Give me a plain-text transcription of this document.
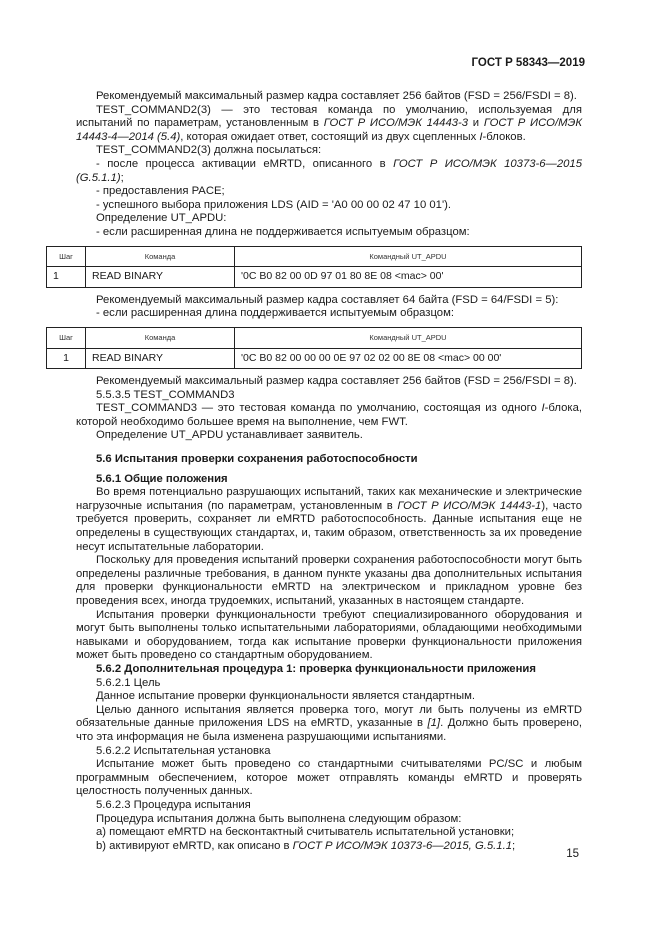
ГОСТ Р 58343—2019

Рекомендуемый максимальный размер кадра составляет 256 байтов (FSD = 256/FSDI = 8).

TEST_COMMAND2(3) — это тестовая команда по умолчанию, используемая для испытаний по параметрам, установленным в ГОСТ Р ИСО/МЭК 14443-3 и ГОСТ Р ИСО/МЭК 14443-4—2014 (5.4), которая ожидает ответ, состоящий из двух сцепленных I-блоков.

TEST_COMMAND2(3) должна посылаться:

- после процесса активации eMRTD, описанного в ГОСТ Р ИСО/МЭК 10373-6—2015 (G.5.1.1);

- предоставления PACE;

- успешного выбора приложения LDS (AID = 'A0 00 00 02 47 10 01').

Определение UT_APDU:

- если расширенная длина не поддерживается испытуемым образцом:

Шаг	Команда	Командный UT_APDU
1	READ BINARY	'0C B0 82 00 0D 97 01 80 8E 08 <mac> 00'

Рекомендуемый максимальный размер кадра составляет 64 байта (FSD = 64/FSDI = 5):

- если расширенная длина поддерживается испытуемым образцом:

Шаг	Команда	Командный UT_APDU
1	READ BINARY	'0C B0 82 00 00 00 0E 97 02 02 00 8E 08 <mac> 00 00'

Рекомендуемый максимальный размер кадра составляет 256 байтов (FSD = 256/FSDI = 8).

5.5.3.5 TEST_COMMAND3

TEST_COMMAND3 — это тестовая команда по умолчанию, состоящая из одного I-блока, которой необходимо большее время на выполнение, чем FWT.

Определение UT_APDU устанавливает заявитель.

5.6 Испытания проверки сохранения работоспособности

5.6.1 Общие положения

Во время потенциально разрушающих испытаний, таких как механические и электрические нагрузочные испытания (по параметрам, установленным в ГОСТ Р ИСО/МЭК 14443-1), часто требуется проверить, сохраняет ли eMRTD работоспособность. Данные испытания еще не определены в существующих стандартах, и, таким образом, ответственность за их проведение несут испытательные лаборатории.

Поскольку для проведения испытаний проверки сохранения работоспособности могут быть определены различные требования, в данном пункте указаны два дополнительных испытания для проверки функциональности eMRTD на электрическом и прикладном уровне без проведения всех, иногда трудоемких, испытаний, указанных в настоящем стандарте.

Испытания проверки функциональности требуют специализированного оборудования и могут быть выполнены только испытательными лабораториями, обладающими необходимыми навыками и оборудованием, тогда как испытание проверки функциональности приложения может быть проведено со стандартным оборудованием.

5.6.2 Дополнительная процедура 1: проверка функциональности приложения

5.6.2.1 Цель

Данное испытание проверки функциональности является стандартным.

Целью данного испытания является проверка того, могут ли быть получены из eMRTD обязательные данные приложения LDS на eMRTD, указанные в [1]. Должно быть проверено, что эта информация не была изменена разрушающими испытаниями.

5.6.2.2 Испытательная установка

Испытание может быть проведено со стандартными считывателями PC/SC и любым программным обеспечением, которое может отправлять команды eMRTD и проверять целостность полученных данных.

5.6.2.3 Процедура испытания

Процедура испытания должна быть выполнена следующим образом:

а) помещают eMRTD на бесконтактный считыватель испытательной установки;

b) активируют eMRTD, как описано в ГОСТ Р ИСО/МЭК 10373-6—2015, G.5.1.1;

15
